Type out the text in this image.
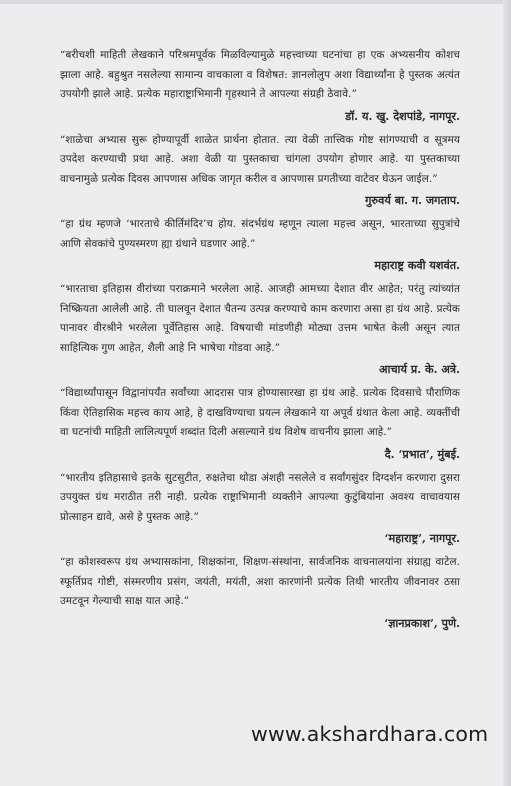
“बरीचशी माहिती लेखकाने परिश्रमपूर्वक मिळविल्यामुळे महत्त्वाच्या घटनांचा हा एक अभ्यसनीय कोशच झाला आहे. बहुश्रुत नसलेल्या सामान्य वाचकाला व विशेषत: ज्ञानलोलुप अशा विद्यार्थ्यांना हे पुस्तक अत्यंत उपयोगी झाले आहे. प्रत्येक महाराष्ट्राभिमानी गृहस्थाने ते आपल्या संग्रही ठेवावे.”

डॉ. य. खु. देशपांडे, नागपूर.

“शाळेचा अभ्यास सुरू होण्यापूर्वी शाळेत प्रार्थना होतात. त्या वेळी तात्त्विक गोष्ट सांगण्याची व सूत्रमय उपदेश करण्याची प्रथा आहे. अशा वेळी या पुस्तकाचा चांगला उपयोग होणार आहे. या पुस्तकाच्या वाचनामुळे प्रत्येक दिवस आपणास अधिक जागृत करील व आपणास प्रगतीच्या वाटेवर घेऊन जाईल.”

गुरुवर्य बा. ग. जगताप.

“हा ग्रंथ म्हणजे ‘भारताचे कीर्तिमंदिर’च होय. संदर्भग्रंथ म्हणून त्याला महत्त्व असून, भारताच्या सुपुत्रांचे आणि सेवकांचे पुण्यस्मरण ह्या ग्रंथाने घडणार आहे.”

महाराष्ट्र कवी यशवंत.

“भारताचा इतिहास वीरांच्या पराक्रमाने भरलेला आहे. आजही आमच्या देशात वीर आहेत; परंतु त्यांच्यांत निष्क्रियता आलेली आहे. ती घालवून देशात चैतन्य उत्पन्न करण्याचे काम करणारा असा हा ग्रंथ आहे. प्रत्येक पानावर वीरश्रीने भरलेला पूर्वेतिहास आहे. विषयाची मांडणीही मोठ्या उत्तम भाषेत केली असून त्यात साहित्यिक गुण आहेत, शैली आहे नि भाषेचा गोडवा आहे.”

आचार्य प्र. के. अत्रे.

“विद्यार्थ्यांपासून विद्वानांपर्यंत सर्वांच्या आदरास पात्र होण्यासारखा हा ग्रंथ आहे. प्रत्येक दिवसाचे पौराणिक किंवा ऐतिहासिक महत्त्व काय आहे, हे दाखविण्याचा प्रयत्न लेखकाने या अपूर्व ग्रंथात केला आहे. व्यक्तींची वा घटनांची माहिती लालित्यपूर्ण शब्दांत दिली असल्याने ग्रंथ विशेष वाचनीय झाला आहे.”

दै. ‘प्रभात’, मुंबई.

“भारतीय इतिहासाचे इतके सुटसुटीत, रुक्षतेचा थोडा अंशही नसलेले व सर्वांगसुंदर दिग्दर्शन करणारा दुसरा उपयुक्त ग्रंथ मराठीत तरी नाही. प्रत्येक राष्ट्राभिमानी व्यक्तीने आपल्या कुटुंबियांना अवश्य वाचावयास प्रोत्साहन द्यावे, असे हे पुस्तक आहे.”

‘महाराष्ट्र’, नागपूर.

“हा कोशस्वरूप ग्रंथ अभ्यासकांना, शिक्षकांना, शिक्षण-संस्थांना, सार्वजनिक वाचनालयांना संग्राह्य वाटेल. स्फूर्तिप्रद गोष्टी, संस्मरणीय प्रसंग, जयंती, मयंती, अशा कारणांनी प्रत्येक तिथी भारतीय जीवनावर ठसा उमटवून गेल्याची साक्ष यात आहे.”

‘ज्ञानप्रकाश’, पुणे.
www.akshardhara.com
